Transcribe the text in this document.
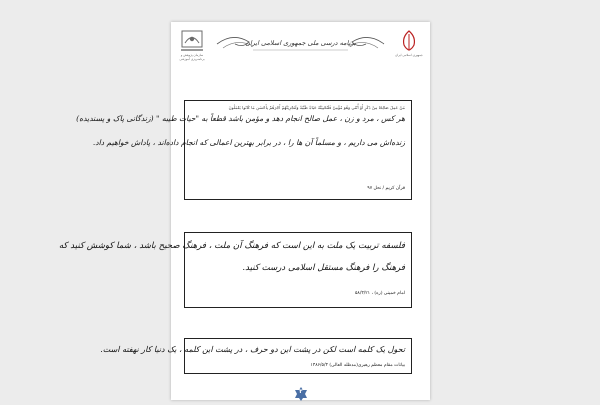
سازمان پژوهش و برنامه‌ریزی آموزشی
برنامه درسی ملی جمهوری اسلامی ایران
جمهوری اسلامی ایران
مَنْ عَمِلَ صَالِحًا مِنْ ذَكَرٍ أَوْ أُنْثَى وَهُوَ مُؤْمِنٌ فَلَنُحْيِيَنَّهُ حَيَاةً طَيِّبَةً وَلَنَجْزِيَنَّهُمْ أَجْرَهُمْ بِأَحْسَنِ مَا كَانُوا يَعْمَلُونَ
هر کس ، مرد و زن ، عمل صالح انجام دهد و مؤمن باشد قطعاً به "حیات طیبه " (زندگانی پاک و پسندیده)
زنده‌اش می داریم ، و مسلماً آن ها را ، در برابر بهترین اعمالی که انجام داده‌اند ، پاداش خواهیم داد.
قرآن کریم / نحل ۹۷
فلسفه تربیت یک ملت به این است که فرهنگ آن ملت ، فرهنگ صحیح باشد ، شما کوشش کنید که
فرهنگ را فرهنگ مستقل اسلامی درست کنید.
امام خمینی (ره) ، ۵۸/۳/۲۱
تحول یک کلمه است لکن در پشت این دو حرف ، در پشت این کلمه ، یک دنیا کار نهفته است.
بیانات مقام معظم رهبری(مدظله العالی) ۱۳۸۶/۵/۳
۲
